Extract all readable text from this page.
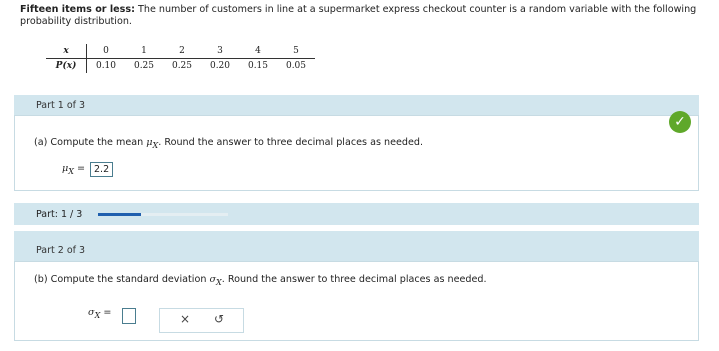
Fifteen items or less: The number of customers in line at a supermarket express checkout counter is a random variable with the following probability distribution.
x	0	1	2	3	4	5
P(x)	0.10	0.25	0.25	0.20	0.15	0.05
Part 1 of 3
✓
(a) Compute the mean $\mu_X$. Round the answer to three decimal places as needed.
$\mu_X = 2.2$
Part: 1 / 3
Part 2 of 3
(b) Compute the standard deviation $\sigma_X$. Round the answer to three decimal places as needed.
$\sigma_X$ =	× ↺
